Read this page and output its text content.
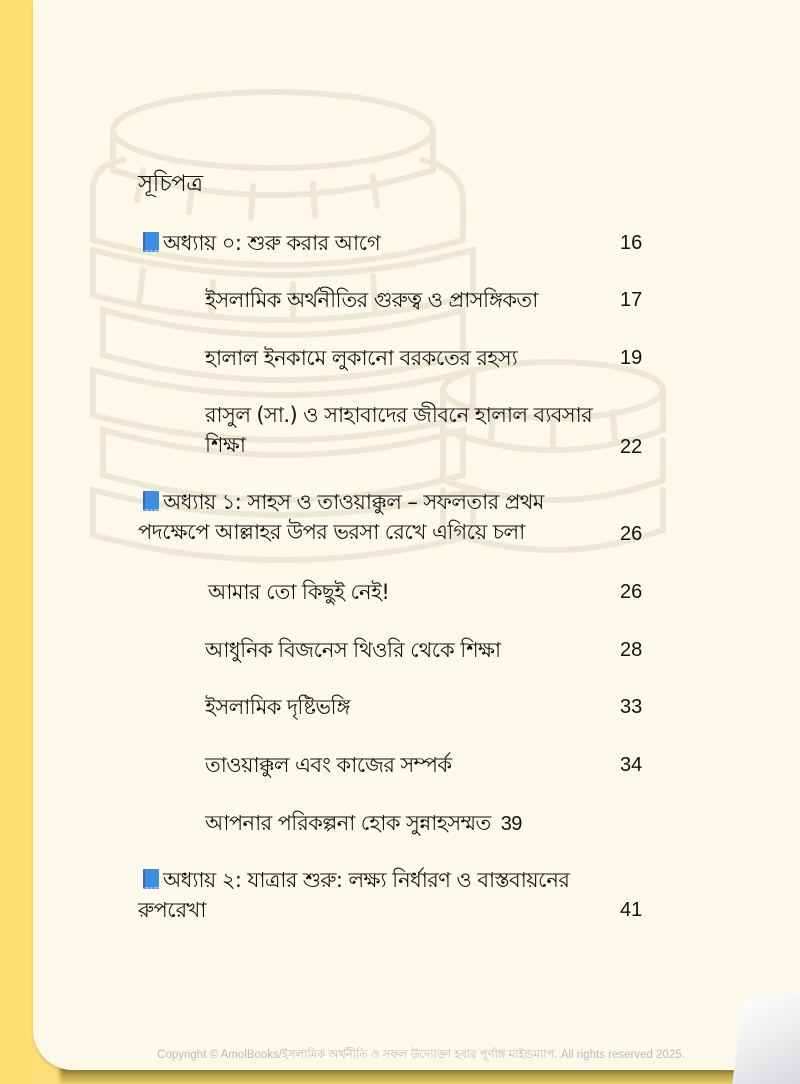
সূচিপত্র
অধ্যায় ০: শুরু করার আগে	16
ইসলামিক অর্থনীতির গুরুত্ব ও প্রাসঙ্গিকতা	17
হালাল ইনকামে লুকানো বরকতের রহস্য	19
রাসুল (সা.) ও সাহাবাদের জীবনে হালাল ব্যবসার
শিক্ষা	22
অধ্যায় ১: সাহস ও তাওয়াক্কুল – সফলতার প্রথম
পদক্ষেপে আল্লাহর উপর ভরসা রেখে এগিয়ে চলা	26
আমার তো কিছুই নেই!	26
আধুনিক বিজনেস থিওরি থেকে শিক্ষা	28
ইসলামিক দৃষ্টিভঙ্গি	33
তাওয়াক্কুল এবং কাজের সম্পর্ক	34
আপনার পরিকল্পনা হোক সুন্নাহসম্মত 39
অধ্যায় ২: যাত্রার শুরু: লক্ষ্য নির্ধারণ ও বাস্তবায়নের
রুপরেখা	41
Copyright © AmolBooks/ইসলামিক অর্থনীতি ও সফল উদ্যোক্তা হবার পূর্ণাঙ্গ মাইন্ডম্যাপ. All rights reserved 2025.
